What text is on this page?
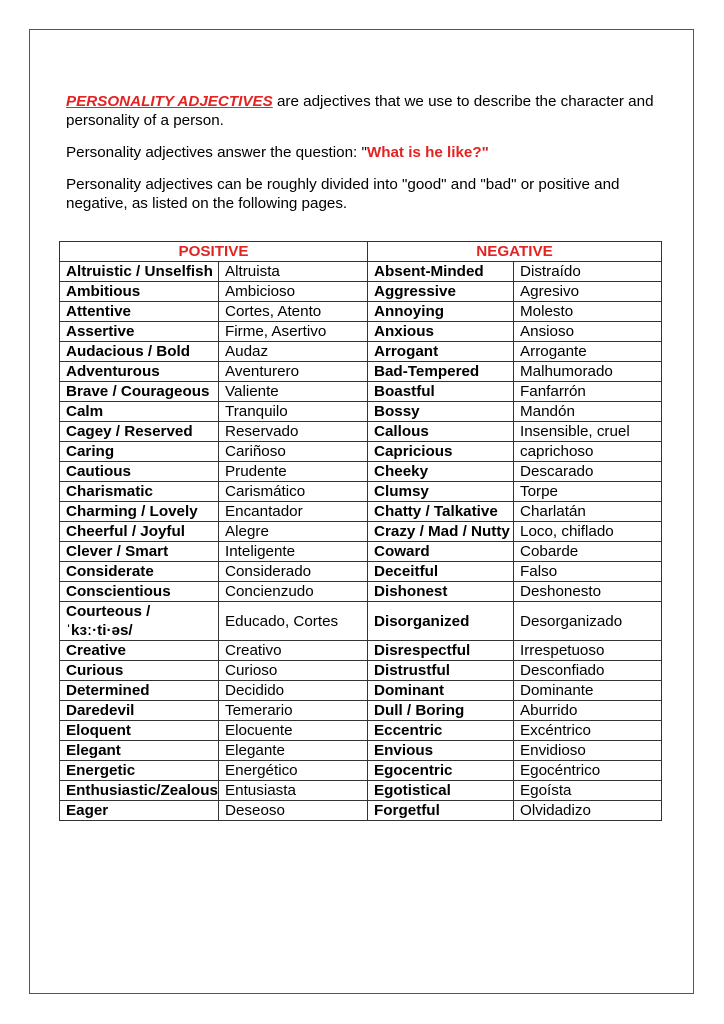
PERSONALITY ADJECTIVES are adjectives that we use to describe the character and personality of a person.

Personality adjectives answer the question: "What is he like?"

Personality adjectives can be roughly divided into "good" and "bad" or positive and negative, as listed on the following pages.

POSITIVE		NEGATIVE	
Altruistic / Unselfish	Altruista	Absent-Minded	Distraído
Ambitious	Ambicioso	Aggressive	Agresivo
Attentive	Cortes, Atento	Annoying	Molesto
Assertive	Firme, Asertivo	Anxious	Ansioso
Audacious / Bold	Audaz	Arrogant	Arrogante
Adventurous	Aventurero	Bad-Tempered	Malhumorado
Brave / Courageous	Valiente	Boastful	Fanfarrón
Calm	Tranquilo	Bossy	Mandón
Cagey / Reserved	Reservado	Callous	Insensible, cruel
Caring	Cariñoso	Capricious	caprichoso
Cautious	Prudente	Cheeky	Descarado
Charismatic	Carismático	Clumsy	Torpe
Charming / Lovely	Encantador	Chatty / Talkative	Charlatán
Cheerful / Joyful	Alegre	Crazy / Mad / Nutty	Loco, chiflado
Clever / Smart	Inteligente	Coward	Cobarde
Considerate	Considerado	Deceitful	Falso
Conscientious	Concienzudo	Dishonest	Deshonesto
Courteous / ˈkɜː·ti·əs/	Educado, Cortes	Disorganized	Desorganizado
Creative	Creativo	Disrespectful	Irrespetuoso
Curious	Curioso	Distrustful	Desconfiado
Determined	Decidido	Dominant	Dominante
Daredevil	Temerario	Dull / Boring	Aburrido
Eloquent	Elocuente	Eccentric	Excéntrico
Elegant	Elegante	Envious	Envidioso
Energetic	Energético	Egocentric	Egocéntrico
Enthusiastic/Zealous	Entusiasta	Egotistical	Egoísta
Eager	Deseoso	Forgetful	Olvidadizo
